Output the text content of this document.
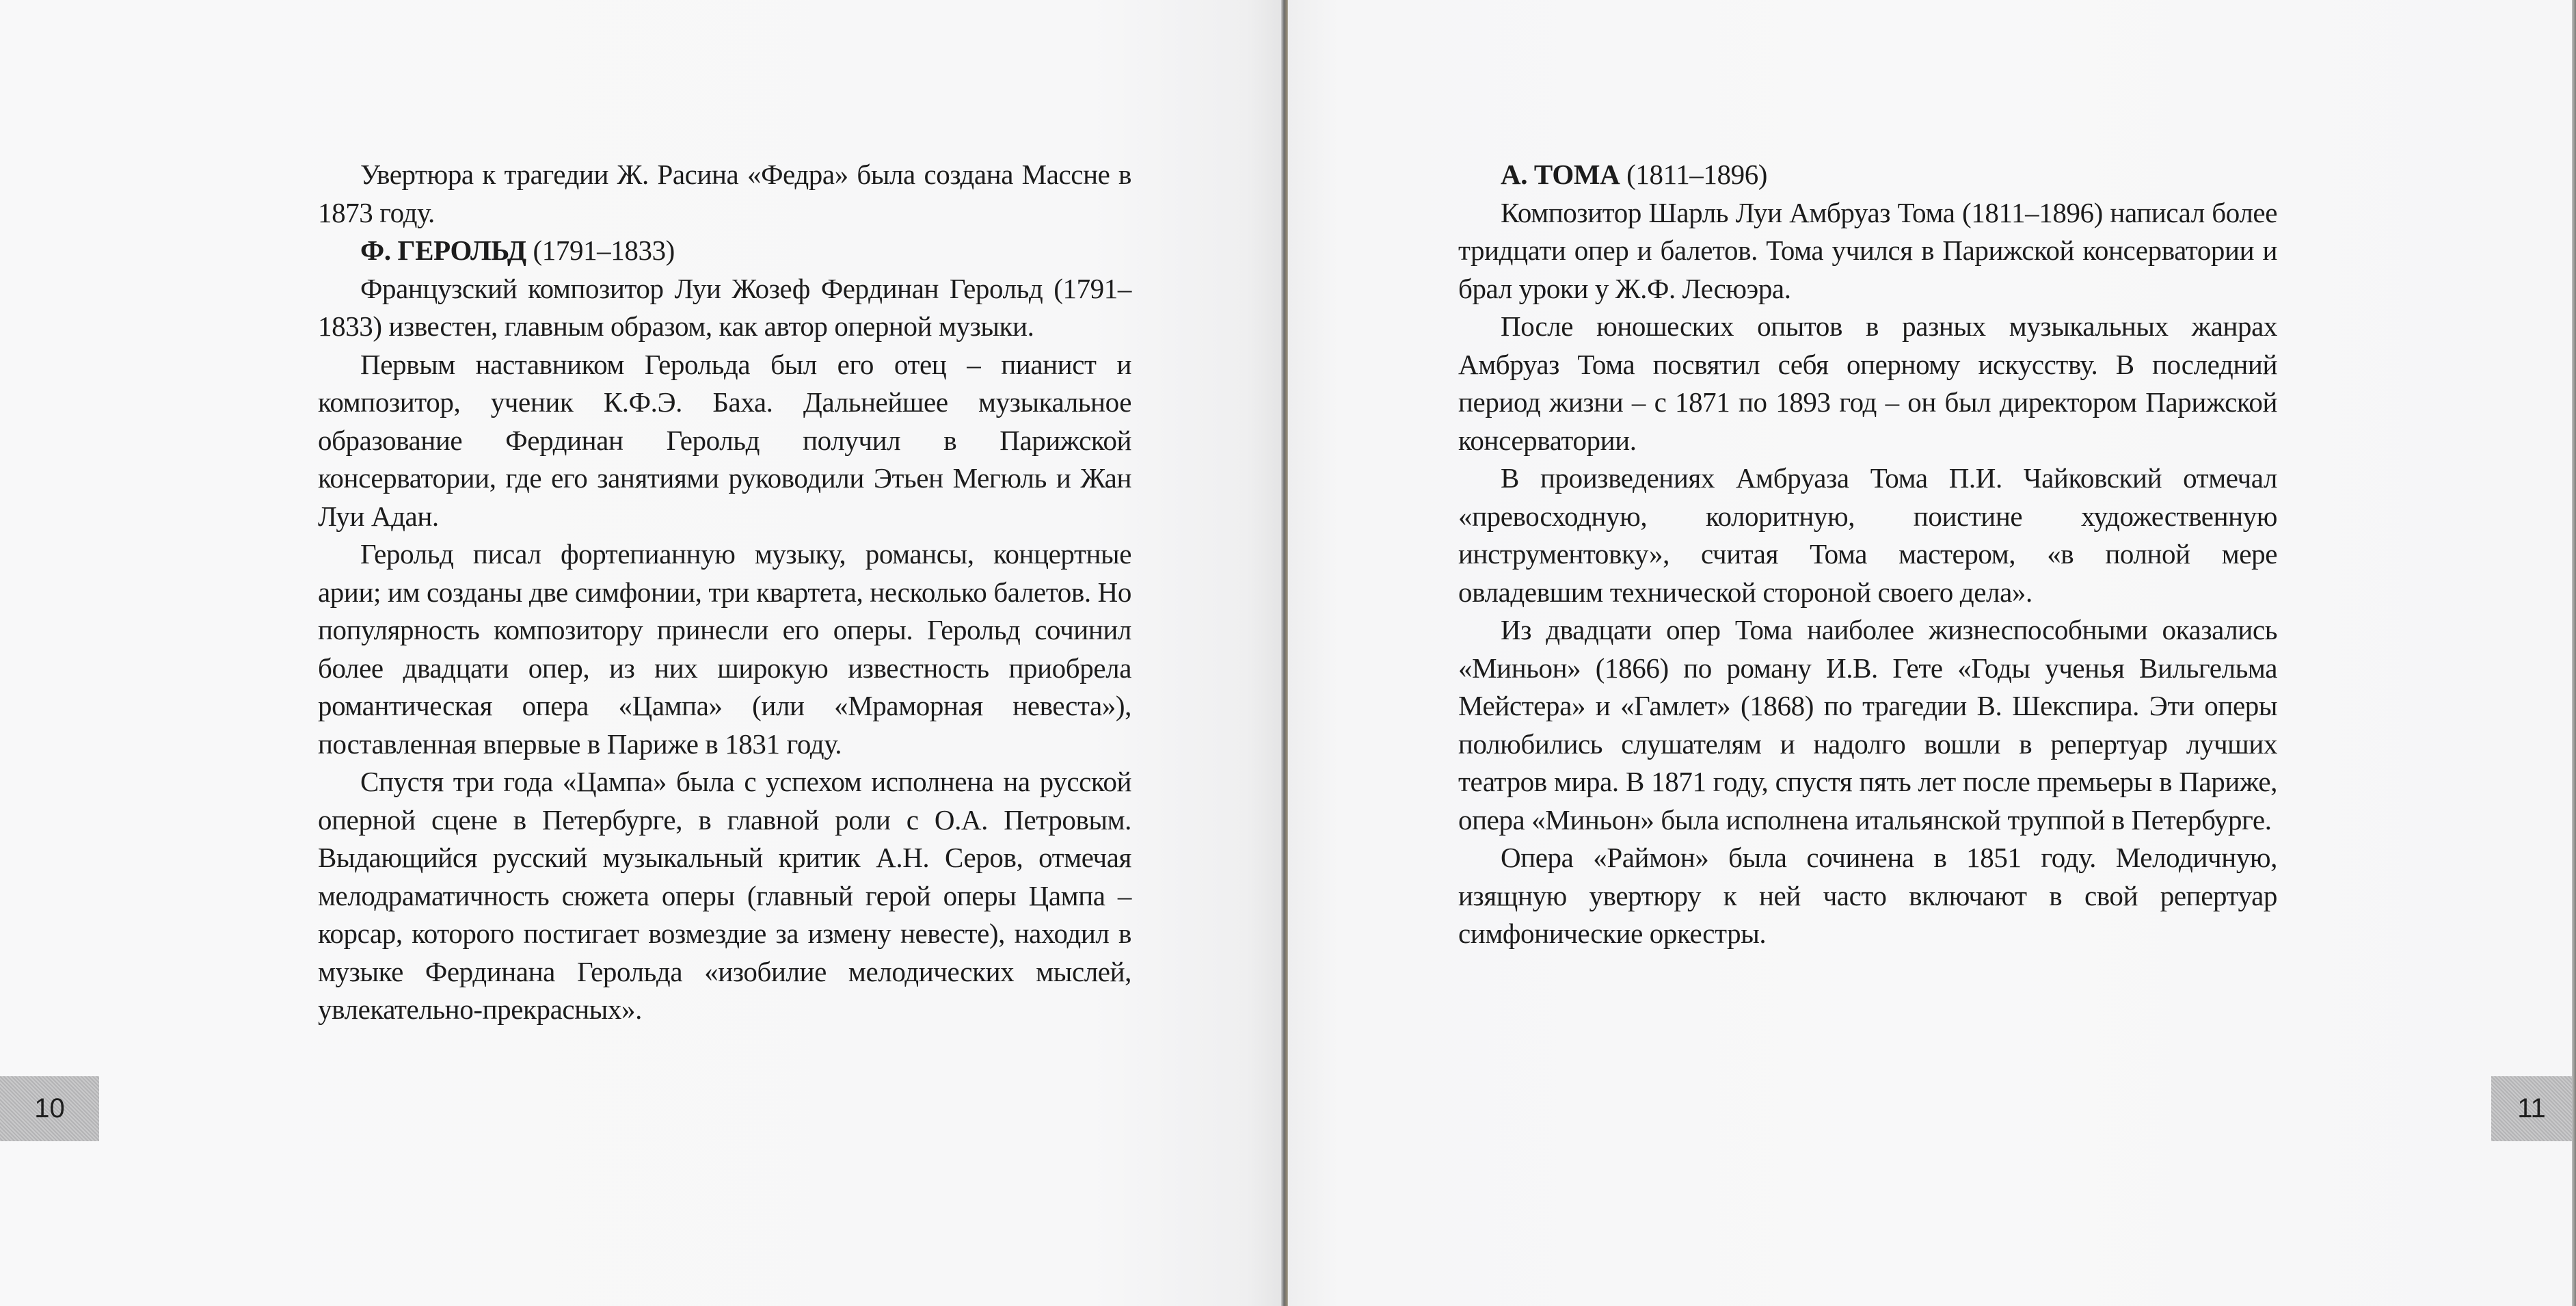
Увертюра к трагедии Ж. Расина «Федра» была создана Массне в 1873 году.

Ф. ГЕРОЛЬД (1791–1833)

Французский композитор Луи Жозеф Фердинан Герольд (1791–1833) известен, главным образом, как автор оперной музыки.

Первым наставником Герольда был его отец – пианист и композитор, ученик К.Ф.Э. Баха. Дальнейшее музыкальное образование Фердинан Герольд получил в Парижской консерватории, где его занятиями руководили Этьен Мегюль и Жан Луи Адан.

Герольд писал фортепианную музыку, романсы, концертные арии; им созданы две симфонии, три квартета, несколько балетов. Но популярность композитору принесли его оперы. Герольд сочинил более двадцати опер, из них широкую известность приобрела романтическая опера «Цампа» (или «Мраморная невеста»), поставленная впервые в Париже в 1831 году.

Спустя три года «Цампа» была с успехом исполнена на русской оперной сцене в Петербурге, в главной роли с О.А. Петровым. Выдающийся русский музыкальный критик А.Н. Серов, отмечая мелодраматичность сюжета оперы (главный герой оперы Цампа – корсар, которого постигает возмездие за измену невесте), находил в музыке Фердинана Герольда «изобилие мелодических мыслей, увлекательно-прекрасных».

10

А. ТОМА (1811–1896)

Композитор Шарль Луи Амбруаз Тома (1811–1896) написал более тридцати опер и балетов. Тома учился в Парижской консерватории и брал уроки у Ж.Ф. Лесюэра.

После юношеских опытов в разных музыкальных жанрах Амбруаз Тома посвятил себя оперному искусству. В последний период жизни – с 1871 по 1893 год – он был директором Парижской консерватории.

В произведениях Амбруаза Тома П.И. Чайковский отмечал «превосходную, колоритную, поистине художественную инструментовку», считая Тома мастером, «в полной мере овладевшим технической стороной своего дела».

Из двадцати опер Тома наиболее жизнеспособными оказались «Миньон» (1866) по роману И.В. Гете «Годы ученья Вильгельма Мейстера» и «Гамлет» (1868) по трагедии В. Шекспира. Эти оперы полюбились слушателям и надолго вошли в репертуар лучших театров мира. В 1871 году, спустя пять лет после премьеры в Париже, опера «Миньон» была исполнена итальянской труппой в Петербурге.

Опера «Раймон» была сочинена в 1851 году. Мелодичную, изящную увертюру к ней часто включают в свой репертуар симфонические оркестры.

11
